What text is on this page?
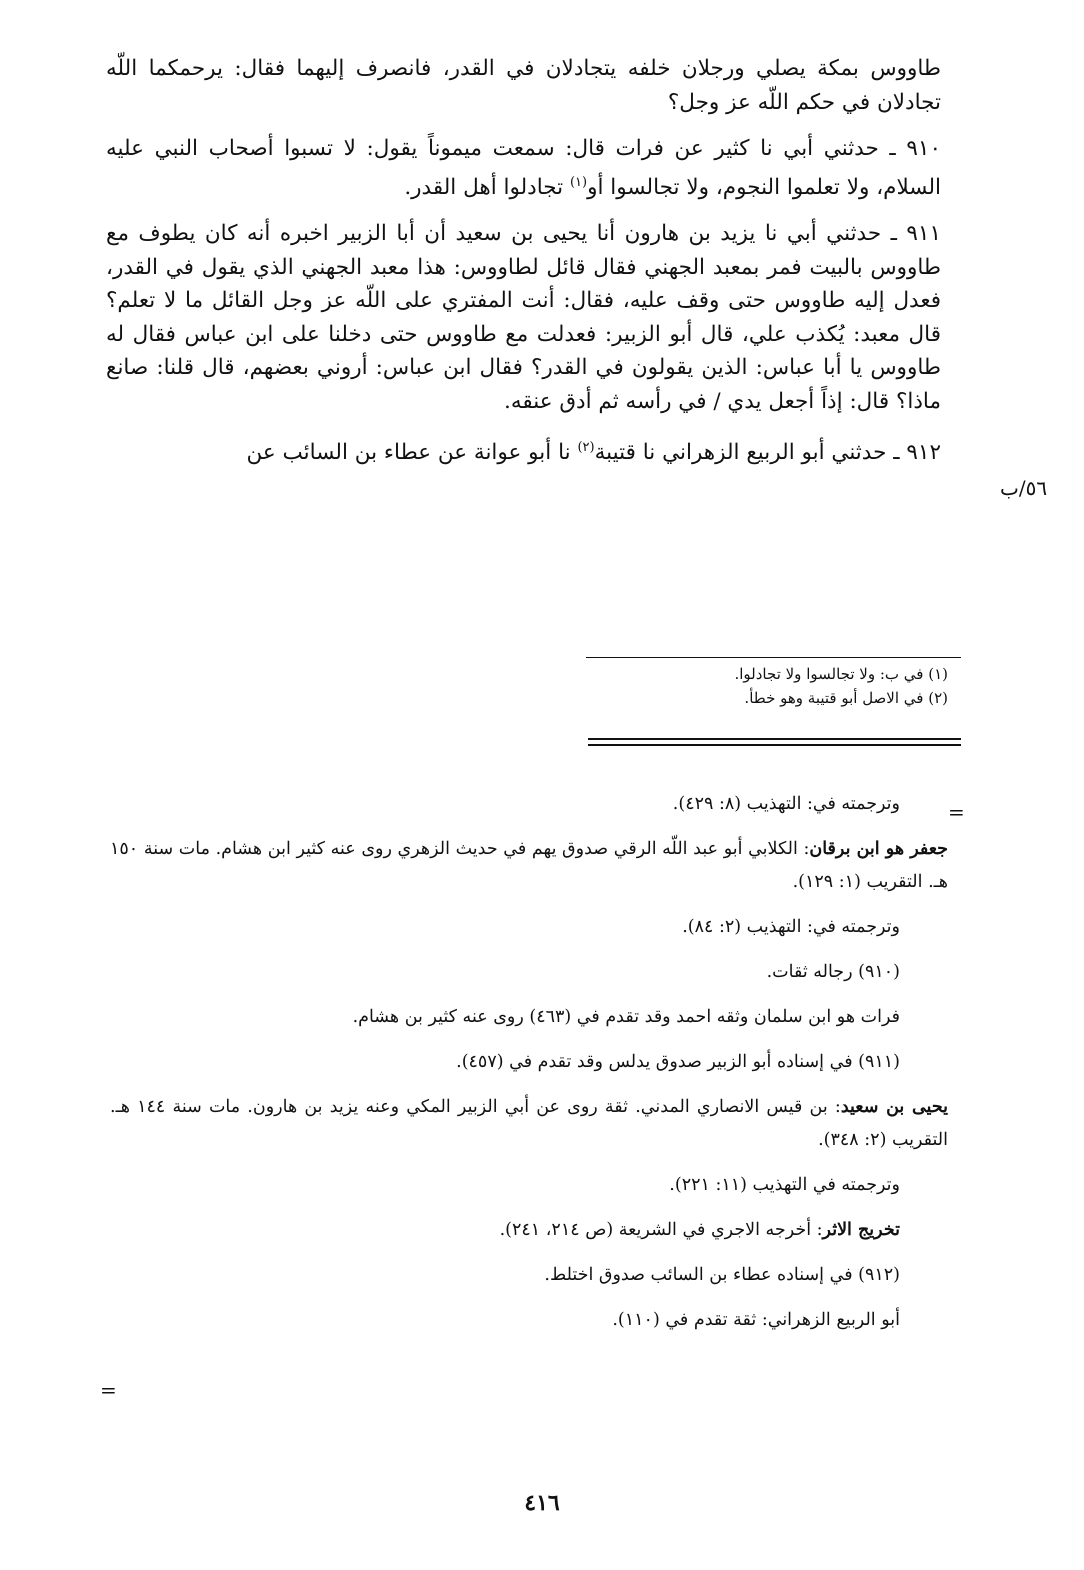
طاووس بمكة يصلي ورجلان خلفه يتجادلان في القدر، فانصرف إليهما فقال: يرحمكما اللّه تجادلان في حكم اللّه عز وجل؟

٩١٠ ـ حدثني أبي نا كثير عن فرات قال: سمعت ميموناً يقول: لا تسبوا أصحاب النبي عليه السلام، ولا تعلموا النجوم، ولا تجالسوا أو$^{(١)}$ تجادلوا أهل القدر.

٩١١ ـ حدثني أبي نا يزيد بن هارون أنا يحيى بن سعيد أن أبا الزبير اخبره أنه كان يطوف مع طاووس بالبيت فمر بمعبد الجهني فقال قائل لطاووس: هذا معبد الجهني الذي يقول في القدر، فعدل إليه طاووس حتى وقف عليه، فقال: أنت المفتري على اللّه عز وجل القائل ما لا تعلم؟ قال معبد: يُكذب علي، قال أبو الزبير: فعدلت مع طاووس حتى دخلنا على ابن عباس فقال له طاووس يا أبا عباس: الذين يقولون في القدر؟ فقال ابن عباس: أروني بعضهم، قال قلنا: صانع ماذا؟ قال: إذاً أجعل يدي / في رأسه ثم أدق عنقه.

٩١٢ ـ حدثني أبو الربيع الزهراني نا قتيبة$^{(٢)}$ نا أبو عوانة عن عطاء بن السائب عن

٥٦/ب
(١) في ب: ولا تجالسوا ولا تجادلوا.
(٢) في الاصل أبو قتيبة وهو خطأ.
=

وترجمته في: التهذيب (٨: ٤٢٩).

جعفر هو ابن برقان: الكلابي أبو عبد اللّه الرقي صدوق يهم في حديث الزهري روى عنه كثير ابن هشام. مات سنة ١٥٠ هـ. التقريب (١: ١٢٩).

وترجمته في: التهذيب (٢: ٨٤).

(٩١٠) رجاله ثقات.

فرات هو ابن سلمان وثقه احمد وقد تقدم في (٤٦٣) روى عنه كثير بن هشام.

(٩١١) في إسناده أبو الزبير صدوق يدلس وقد تقدم في (٤٥٧).

يحيى بن سعيد: بن قيس الانصاري المدني. ثقة روى عن أبي الزبير المكي وعنه يزيد بن هارون. مات سنة ١٤٤ هـ. التقريب (٢: ٣٤٨).

وترجمته في التهذيب (١١: ٢٢١).

تخريج الاثر: أخرجه الاجري في الشريعة (ص ٢١٤، ٢٤١).

(٩١٢) في إسناده عطاء بن السائب صدوق اختلط.

أبو الربيع الزهراني: ثقة تقدم في (١١٠).

=
٤١٦
